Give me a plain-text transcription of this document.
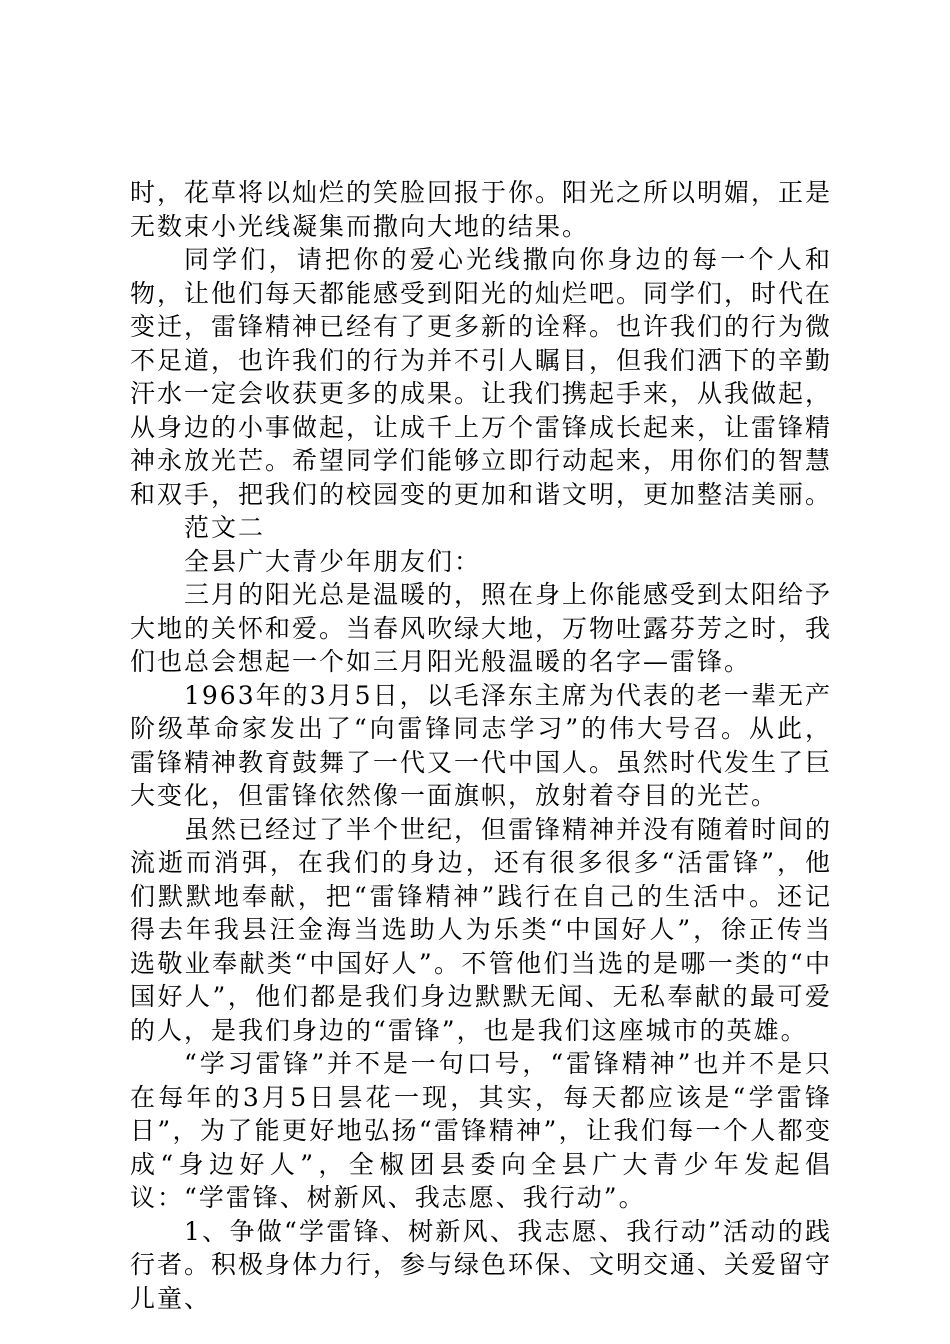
时，花草将以灿烂的笑脸回报于你。阳光之所以明媚，正是无数束小光线凝集而撒向大地的结果。

同学们，请把你的爱心光线撒向你身边的每一个人和物，让他们每天都能感受到阳光的灿烂吧。同学们，时代在变迁，雷锋精神已经有了更多新的诠释。也许我们的行为微不足道，也许我们的行为并不引人瞩目，但我们洒下的辛勤汗水一定会收获更多的成果。让我们携起手来，从我做起，从身边的小事做起，让成千上万个雷锋成长起来，让雷锋精神永放光芒。希望同学们能够立即行动起来，用你们的智慧和双手，把我们的校园变的更加和谐文明，更加整洁美丽。

范文二

全县广大青少年朋友们：

三月的阳光总是温暖的，照在身上你能感受到太阳给予大地的关怀和爱。当春风吹绿大地，万物吐露芬芳之时，我们也总会想起一个如三月阳光般温暖的名字—雷锋。

1963年的3月5日，以毛泽东主席为代表的老一辈无产阶级革命家发出了“向雷锋同志学习”的伟大号召。从此，雷锋精神教育鼓舞了一代又一代中国人。虽然时代发生了巨大变化，但雷锋依然像一面旗帜，放射着夺目的光芒。

虽然已经过了半个世纪，但雷锋精神并没有随着时间的流逝而消弭，在我们的身边，还有很多很多“活雷锋”，他们默默地奉献，把“雷锋精神”践行在自己的生活中。还记得去年我县汪金海当选助人为乐类“中国好人”，徐正传当选敬业奉献类“中国好人”。不管他们当选的是哪一类的“中国好人”，他们都是我们身边默默无闻、无私奉献的最可爱的人，是我们身边的“雷锋”，也是我们这座城市的英雄。

“学习雷锋”并不是一句口号，“雷锋精神”也并不是只在每年的3月5日昙花一现，其实，每天都应该是“学雷锋日”，为了能更好地弘扬“雷锋精神”，让我们每一个人都变成“身边好人”，全椒团县委向全县广大青少年发起倡议：“学雷锋、树新风、我志愿、我行动”。

1、争做“学雷锋、树新风、我志愿、我行动”活动的践行者。积极身体力行，参与绿色环保、文明交通、关爱留守儿童、
